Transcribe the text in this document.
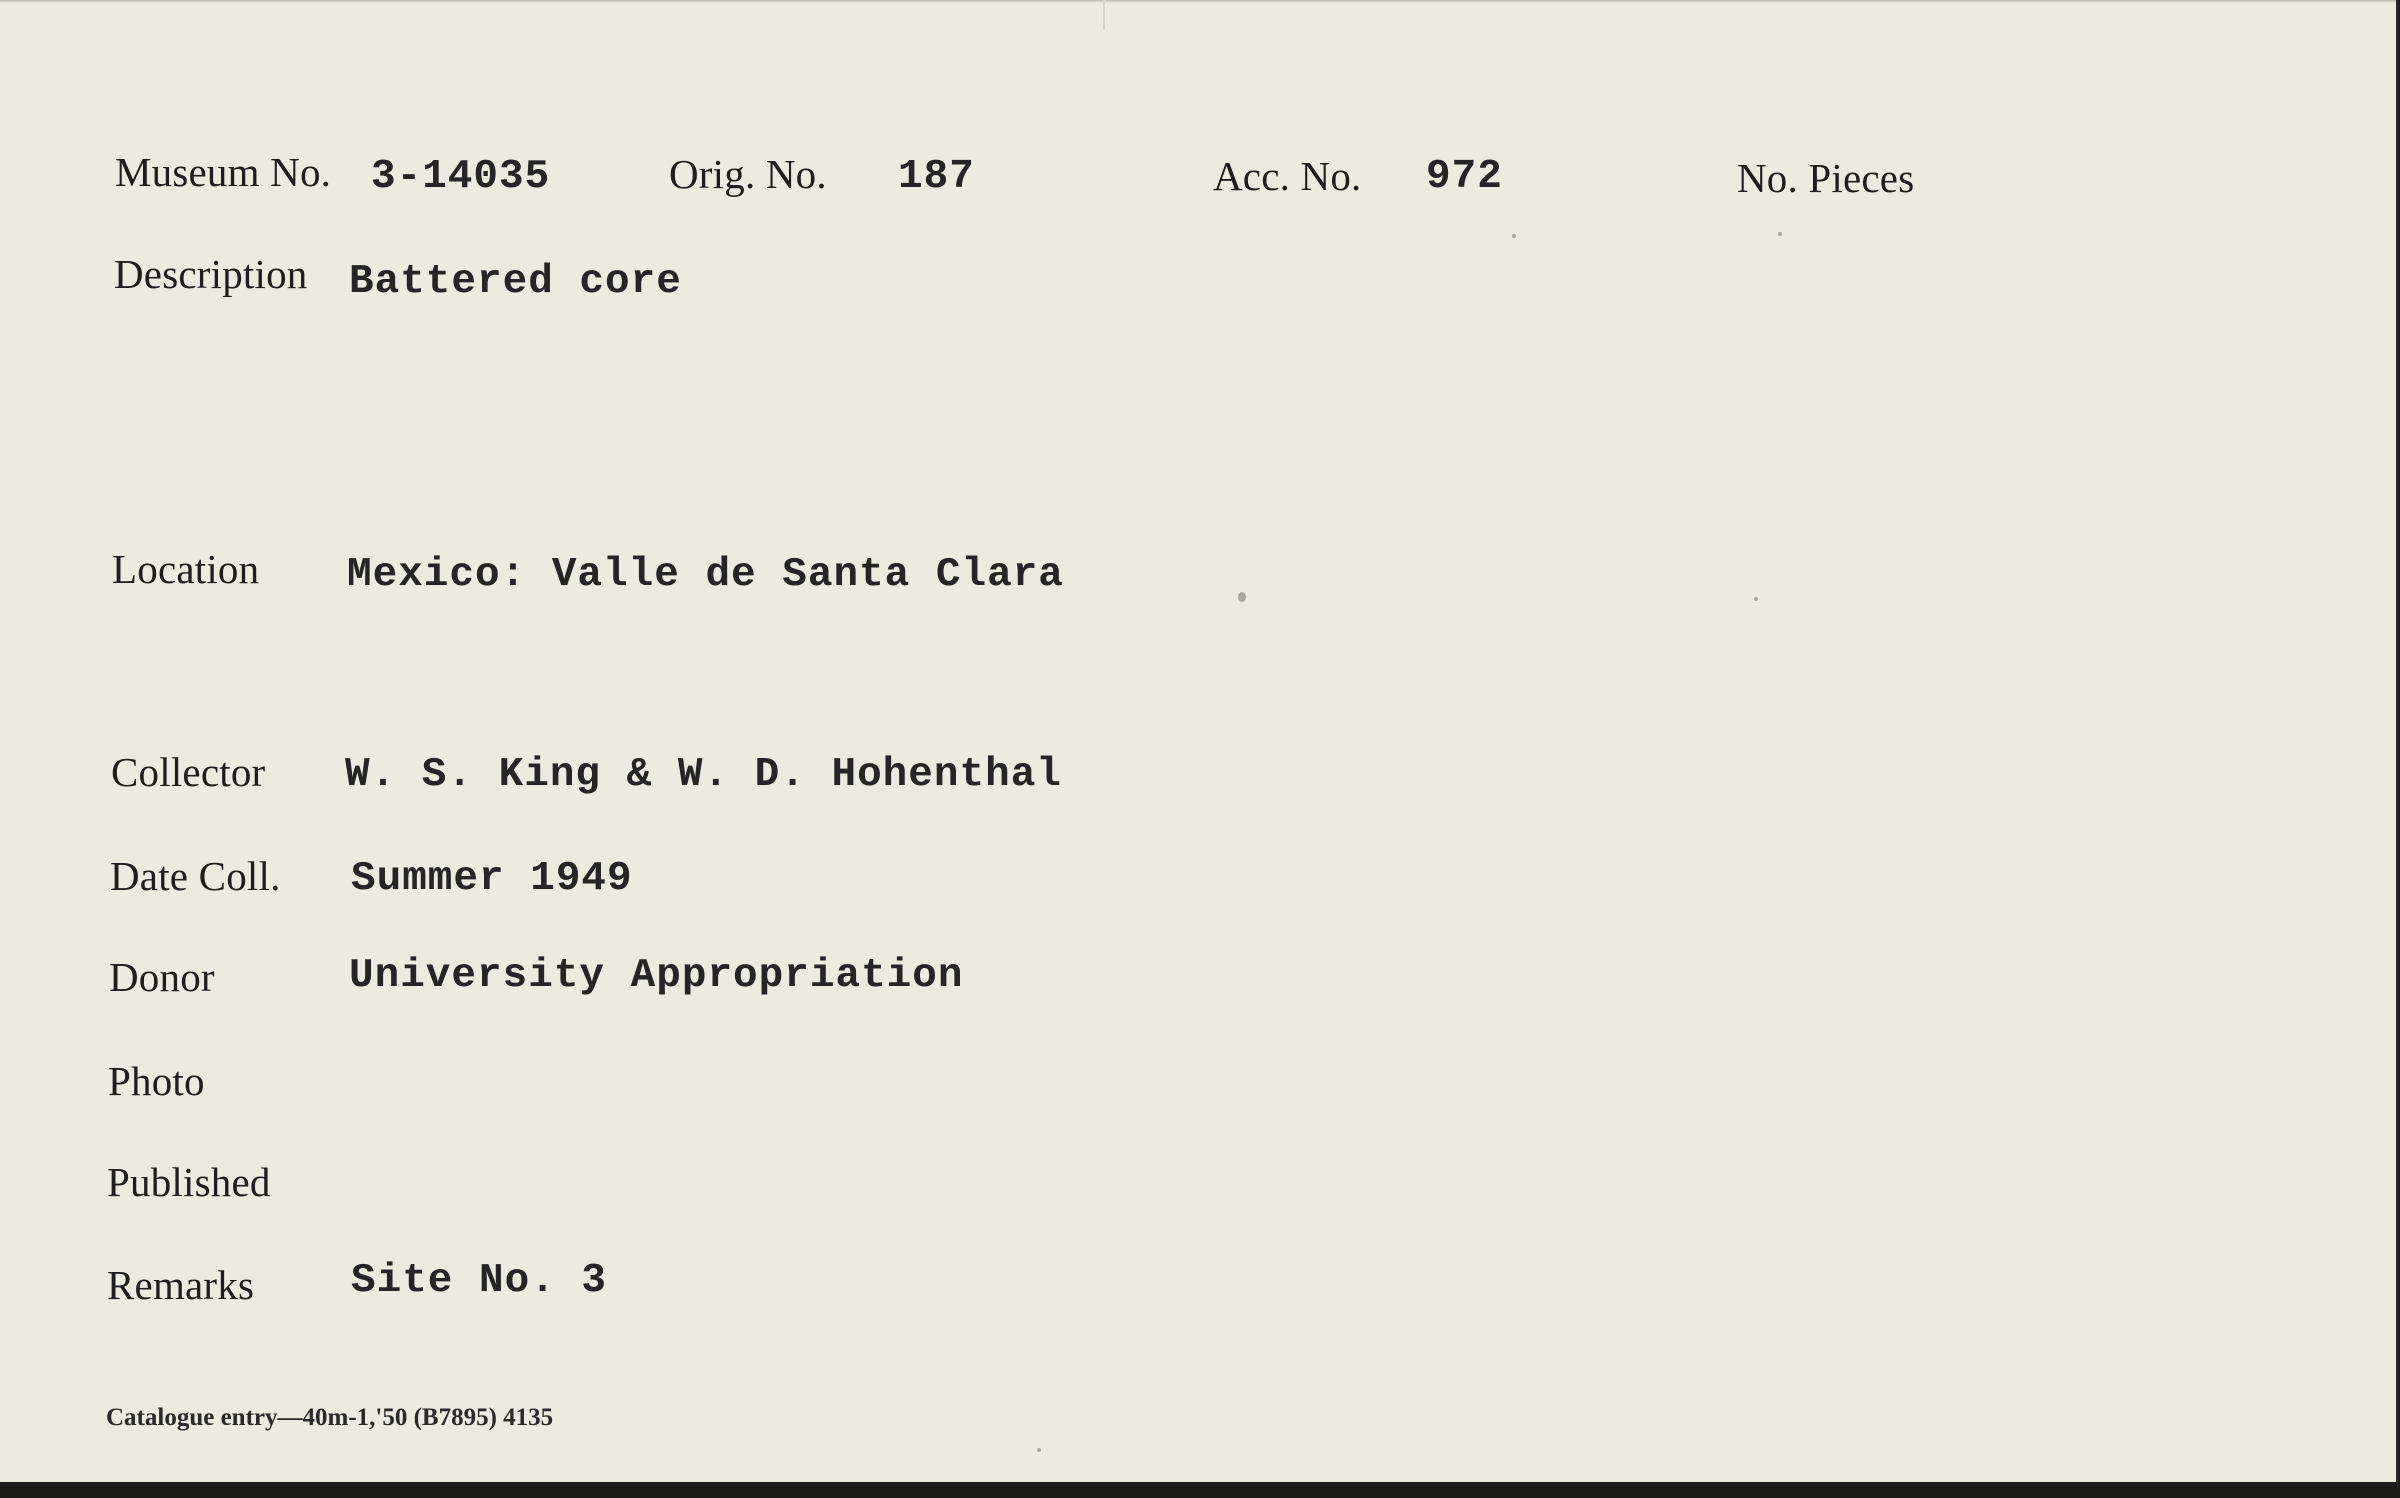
Museum No. 3-14035	Orig. No. 187	Acc. No. 972	No. Pieces
Description Battered core
Location Mexico: Valle de Santa Clara
Collector W. S. King & W. D. Hohenthal
Date Coll. Summer 1949
Donor	University Appropriation
Photo
Published
Remarks Site No. 3
Catalogue entry—40m-1,'50 (B7895) 4135
